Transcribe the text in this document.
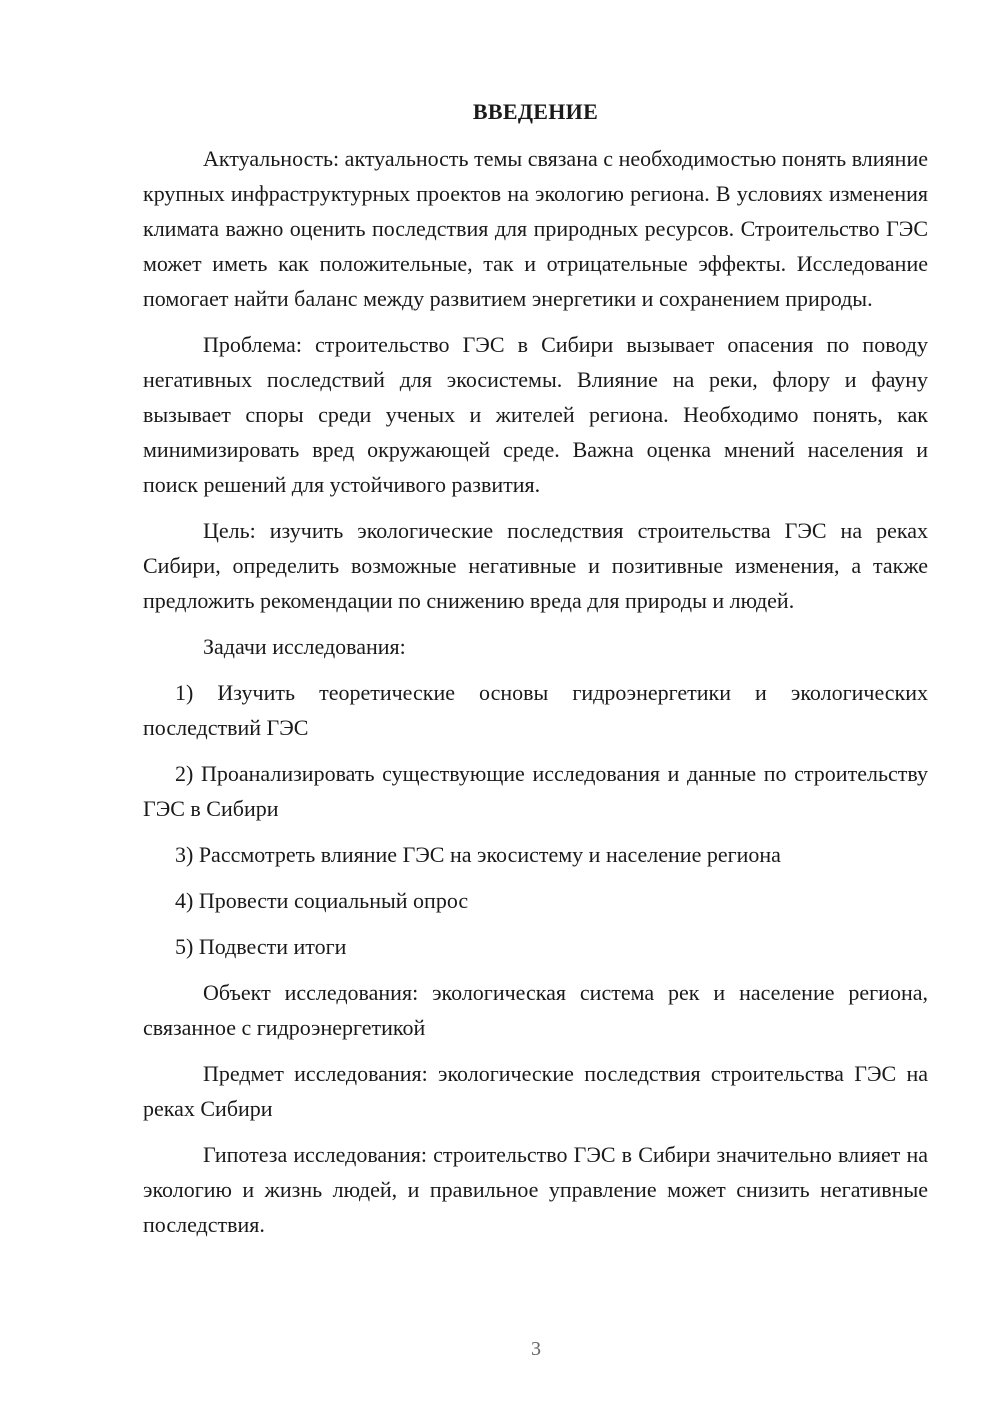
ВВЕДЕНИЕ

Актуальность: актуальность темы связана с необходимостью понять влияние крупных инфраструктурных проектов на экологию региона. В условиях изменения климата важно оценить последствия для природных ресурсов. Строительство ГЭС может иметь как положительные, так и отрицательные эффекты. Исследование помогает найти баланс между развитием энергетики и сохранением природы.

Проблема: строительство ГЭС в Сибири вызывает опасения по поводу негативных последствий для экосистемы. Влияние на реки, флору и фауну вызывает споры среди ученых и жителей региона. Необходимо понять, как минимизировать вред окружающей среде. Важна оценка мнений населения и поиск решений для устойчивого развития.

Цель: изучить экологические последствия строительства ГЭС на реках Сибири, определить возможные негативные и позитивные изменения, а также предложить рекомендации по снижению вреда для природы и людей.

Задачи исследования:

1) Изучить теоретические основы гидроэнергетики и экологических последствий ГЭС

2) Проанализировать существующие исследования и данные по строительству ГЭС в Сибири

3) Рассмотреть влияние ГЭС на экосистему и население региона

4) Провести социальный опрос

5) Подвести итоги

Объект исследования: экологическая система рек и население региона, связанное с гидроэнергетикой

Предмет исследования: экологические последствия строительства ГЭС на реках Сибири

Гипотеза исследования: строительство ГЭС в Сибири значительно влияет на экологию и жизнь людей, и правильное управление может снизить негативные последствия.

3
